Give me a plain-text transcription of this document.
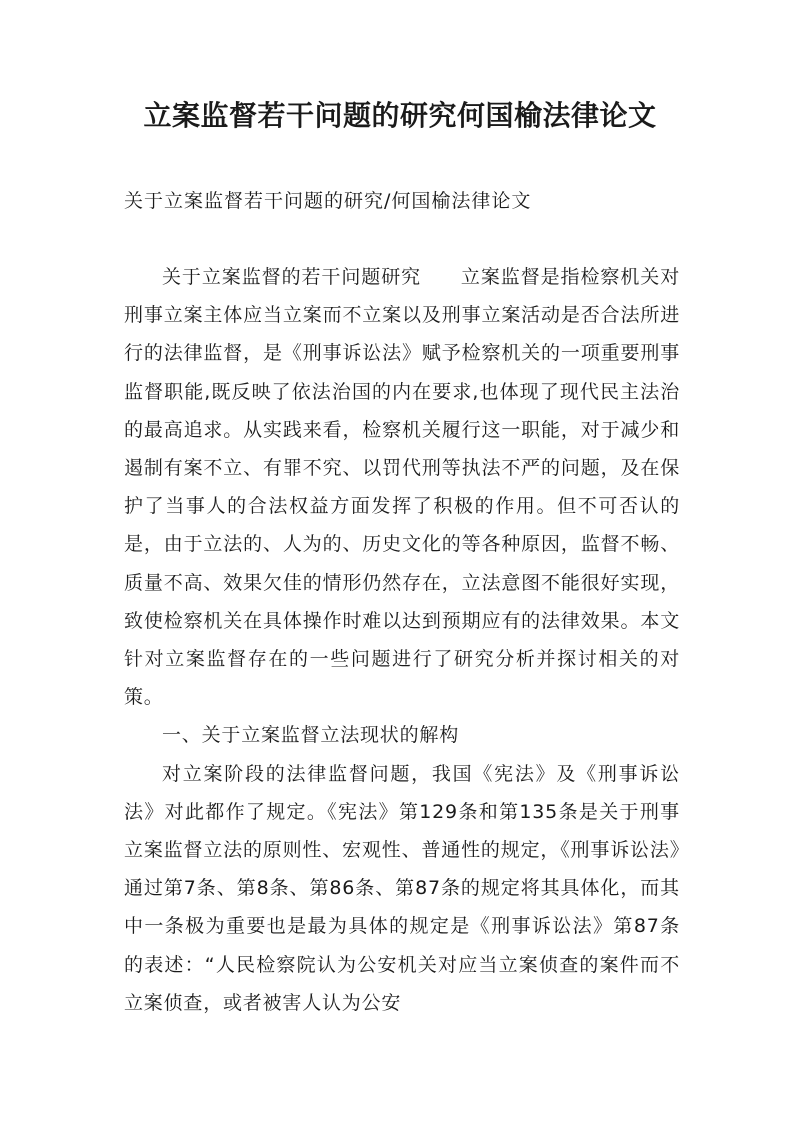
立案监督若干问题的研究何国榆法律论文
关于立案监督若干问题的研究/何国榆法律论文

关于立案监督的若干问题研究　　立案监督是指检察机关对刑事立案主体应当立案而不立案以及刑事立案活动是否合法所进行的法律监督，是《刑事诉讼法》赋予检察机关的一项重要刑事监督职能,既反映了依法治国的内在要求,也体现了现代民主法治的最高追求。从实践来看，检察机关履行这一职能，对于减少和遏制有案不立、有罪不究、以罚代刑等执法不严的问题，及在保护了当事人的合法权益方面发挥了积极的作用。但不可否认的是，由于立法的、人为的、历史文化的等各种原因，监督不畅、质量不高、效果欠佳的情形仍然存在，立法意图不能很好实现，致使检察机关在具体操作时难以达到预期应有的法律效果。本文针对立案监督存在的一些问题进行了研究分析并探讨相关的对策。

一、关于立案监督立法现状的解构

对立案阶段的法律监督问题，我国《宪法》及《刑事诉讼法》对此都作了规定。《宪法》第129条和第135条是关于刑事立案监督立法的原则性、宏观性、普通性的规定，《刑事诉讼法》通过第7条、第8条、第86条、第87条的规定将其具体化，而其中一条极为重要也是最为具体的规定是《刑事诉讼法》第87条的表述：“人民检察院认为公安机关对应当立案侦查的案件而不立案侦查，或者被害人认为公安
